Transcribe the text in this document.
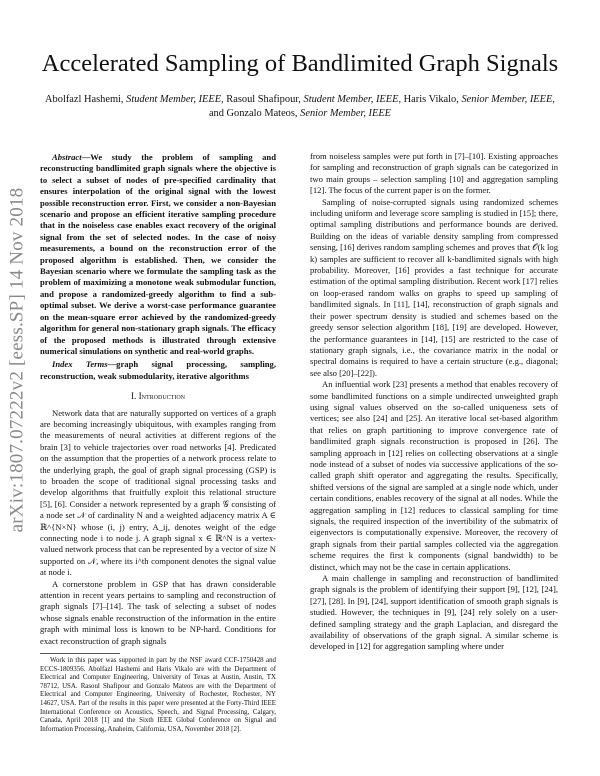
arXiv:1807.07222v2 [eess.SP] 14 Nov 2018
Accelerated Sampling of Bandlimited Graph Signals
Abolfazl Hashemi, Student Member, IEEE, Rasoul Shafipour, Student Member, IEEE, Haris Vikalo, Senior Member, IEEE, and Gonzalo Mateos, Senior Member, IEEE

Abstract—We study the problem of sampling and reconstructing bandlimited graph signals where the objective is to select a subset of nodes of pre-specified cardinality that ensures interpolation of the original signal with the lowest possible reconstruction error. First, we consider a non-Bayesian scenario and propose an efficient iterative sampling procedure that in the noiseless case enables exact recovery of the original signal from the set of selected nodes. In the case of noisy measurements, a bound on the reconstruction error of the proposed algorithm is established. Then, we consider the Bayesian scenario where we formulate the sampling task as the problem of maximizing a monotone weak submodular function, and propose a randomized-greedy algorithm to find a sub-optimal subset. We derive a worst-case performance guarantee on the mean-square error achieved by the randomized-greedy algorithm for general non-stationary graph signals. The efficacy of the proposed methods is illustrated through extensive numerical simulations on synthetic and real-world graphs.

Index Terms—graph signal processing, sampling, reconstruction, weak submodularity, iterative algorithms

I. Introduction

Network data that are naturally supported on vertices of a graph are becoming increasingly ubiquitous, with examples ranging from the measurements of neural activities at different regions of the brain [3] to vehicle trajectories over road networks [4]. Predicated on the assumption that the properties of a network process relate to the underlying graph, the goal of graph signal processing (GSP) is to broaden the scope of traditional signal processing tasks and develop algorithms that fruitfully exploit this relational structure [5], [6]. Consider a network represented by a graph 𝒢 consisting of a node set 𝒩 of cardinality N and a weighted adjacency matrix A ∈ ℝ^{N×N} whose (i, j) entry, A_ij, denotes weight of the edge connecting node i to node j. A graph signal x ∈ ℝ^N is a vertex-valued network process that can be represented by a vector of size N supported on 𝒩, where its i^th component denotes the signal value at node i.

A cornerstone problem in GSP that has drawn considerable attention in recent years pertains to sampling and reconstruction of graph signals [7]–[14]. The task of selecting a subset of nodes whose signals enable reconstruction of the information in the entire graph with minimal loss is known to be NP-hard. Conditions for exact reconstruction of graph signals

Work in this paper was supported in part by the NSF award CCF-1750428 and ECCS-1809356. Abolfazl Hashemi and Haris Vikalo are with the Department of Electrical and Computer Engineering, University of Texas at Austin, Austin, TX 78712, USA. Rasoul Shafipour and Gonzalo Mateos are with the Department of Electrical and Computer Engineering, University of Rochester, Rochester, NY 14627, USA. Part of the results in this paper were presented at the Forty-Third IEEE International Conference on Acoustics, Speech, and Signal Processing, Calgary, Canada, April 2018 [1] and the Sixth IEEE Global Conference on Signal and Information Processing, Anaheim, California, USA, November 2018 [2].

from noiseless samples were put forth in [7]–[10]. Existing approaches for sampling and reconstruction of graph signals can be categorized in two main groups – selection sampling [10] and aggregation sampling [12]. The focus of the current paper is on the former.

Sampling of noise-corrupted signals using randomized schemes including uniform and leverage score sampling is studied in [15]; there, optimal sampling distributions and performance bounds are derived. Building on the ideas of variable density sampling from compressed sensing, [16] derives random sampling schemes and proves that 𝒪(k log k) samples are sufficient to recover all k-bandlimited signals with high probability. Moreover, [16] provides a fast technique for accurate estimation of the optimal sampling distribution. Recent work [17] relies on loop-erased random walks on graphs to speed up sampling of bandlimited signals. In [11], [14], reconstruction of graph signals and their power spectrum density is studied and schemes based on the greedy sensor selection algorithm [18], [19] are developed. However, the performance guarantees in [14], [15] are restricted to the case of stationary graph signals, i.e., the covariance matrix in the nodal or spectral domains is required to have a certain structure (e.g., diagonal; see also [20]–[22]).

An influential work [23] presents a method that enables recovery of some bandlimited functions on a simple undirected unweighted graph using signal values observed on the so-called uniqueness sets of vertices; see also [24] and [25]. An iterative local set-based algorithm that relies on graph partitioning to improve convergence rate of bandlimited graph signals reconstruction is proposed in [26]. The sampling approach in [12] relies on collecting observations at a single node instead of a subset of nodes via successive applications of the so-called graph shift operator and aggregating the results. Specifically, shifted versions of the signal are sampled at a single node which, under certain conditions, enables recovery of the signal at all nodes. While the aggregation sampling in [12] reduces to classical sampling for time signals, the required inspection of the invertibility of the submatrix of eigenvectors is computationally expensive. Moreover, the recovery of graph signals from their partial samples collected via the aggregation scheme requires the first k components (signal bandwidth) to be distinct, which may not be the case in certain applications.

A main challenge in sampling and reconstruction of bandlimited graph signals is the problem of identifying their support [9], [12], [24], [27], [28]. In [9], [24], support identification of smooth graph signals is studied. However, the techniques in [9], [24] rely solely on a user-defined sampling strategy and the graph Laplacian, and disregard the availability of observations of the graph signal. A similar scheme is developed in [12] for aggregation sampling where under
